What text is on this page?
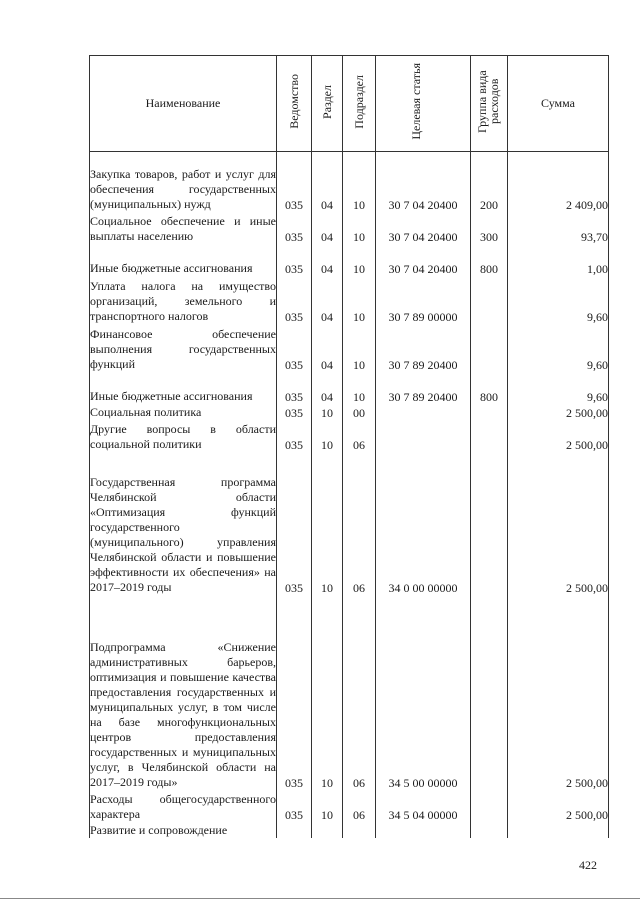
Наименование	Ведомство	Раздел	Подраздел	Целевая статья	Группа вида расходов	Сумма
Закупка товаров, работ и услуг для обеспечения государственных (муниципальных) нужд	035	04	10	30 7 04 20400	200	2 409,00
Социальное обеспечение и иные выплаты населению	035	04	10	30 7 04 20400	300	93,70
Иные бюджетные ассигнования	035	04	10	30 7 04 20400	800	1,00
Уплата налога на имущество организаций, земельного и транспортного налогов	035	04	10	30 7 89 00000		9,60
Финансовое обеспечение выполнения государственных функций	035	04	10	30 7 89 20400		9,60
Иные бюджетные ассигнования	035	04	10	30 7 89 20400	800	9,60
Социальная политика	035	10	00			2 500,00
Другие вопросы в области социальной политики	035	10	06			2 500,00
Государственная программа Челябинской области «Оптимизация функций государственного (муниципального) управления Челябинской области и повышение эффективности их обеспечения» на 2017–2019 годы	035	10	06	34 0 00 00000		2 500,00
Подпрограмма «Снижение административных барьеров, оптимизация и повышение качества предоставления государственных и муниципальных услуг, в том числе на базе многофункциональных центров предоставления государственных и муниципальных услуг, в Челябинской области на 2017–2019 годы»	035	10	06	34 5 00 00000		2 500,00
Расходы общегосударственного характера	035	10	06	34 5 04 00000		2 500,00
Развитие и сопровождение						
422
